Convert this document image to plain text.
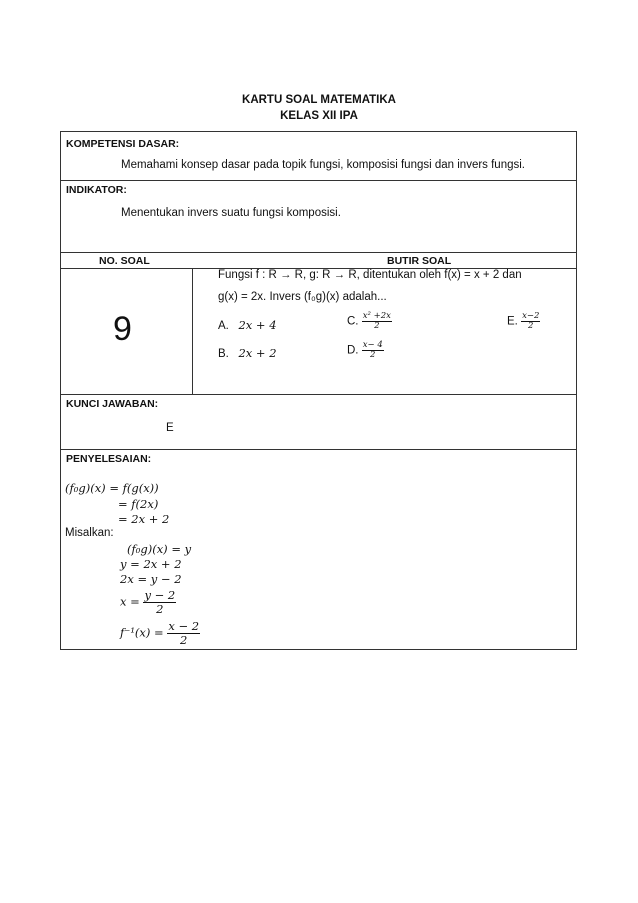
KARTU SOAL MATEMATIKA
KELAS XII IPA
KOMPETENSI DASAR:
Memahami konsep dasar pada topik fungsi, komposisi fungsi dan invers fungsi.
INDIKATOR:
Menentukan invers suatu fungsi komposisi.
NO. SOAL	BUTIR SOAL
9
Fungsi f : R → R, g: R → R, ditentukan oleh f(x) = x + 2 dan
g(x) = 2x. Invers (f₀g)(x) adalah...
A. 2x + 4
B. 2x + 2
C. $\frac{\text{x² +2x}}{2}$
D. $\frac{x- 4}{2}$
E. $\frac{x-2}{2}$
KUNCI JAWABAN:
E
PENYELESAIAN:
(f₀g)(x) = f(g(x))
= f(2x)
= 2x + 2
Misalkan:
(f₀g)(x) = y
y = 2x + 2
2x = y − 2
$x = \frac{y - 2}{2}$
$f^{-1}(x) = \frac{x - 2}{2}$
